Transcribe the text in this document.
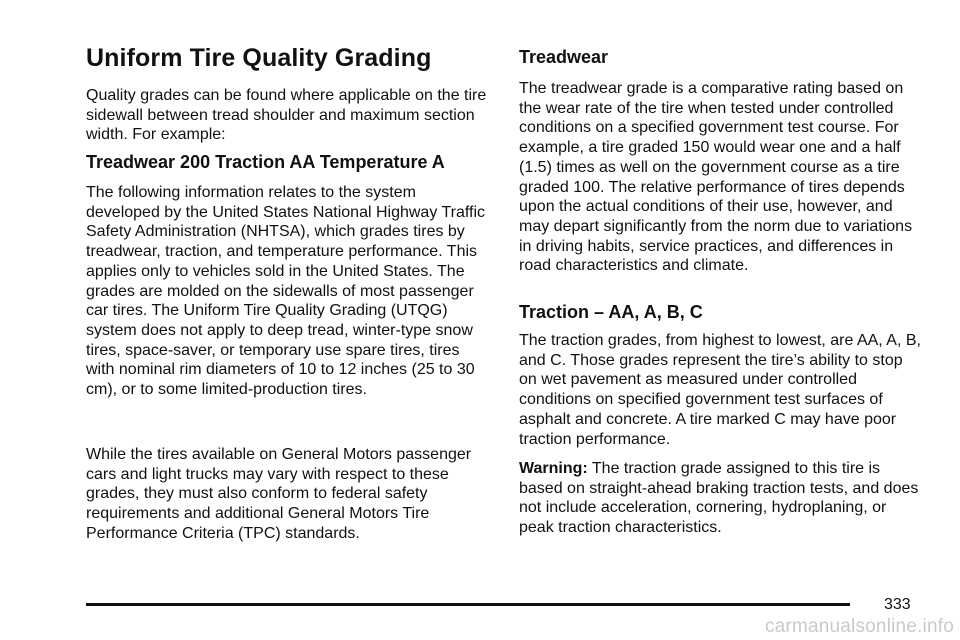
Uniform Tire Quality Grading

Quality grades can be found where applicable on the tire sidewall between tread shoulder and maximum section width. For example:

Treadwear 200 Traction AA Temperature A

The following information relates to the system developed by the United States National Highway Traffic Safety Administration (NHTSA), which grades tires by treadwear, traction, and temperature performance. This applies only to vehicles sold in the United States. The grades are molded on the sidewalls of most passenger car tires. The Uniform Tire Quality Grading (UTQG) system does not apply to deep tread, winter-type snow tires, space-saver, or temporary use spare tires, tires with nominal rim diameters of 10 to 12 inches (25 to 30 cm), or to some limited-production tires.

While the tires available on General Motors passenger cars and light trucks may vary with respect to these grades, they must also conform to federal safety requirements and additional General Motors Tire Performance Criteria (TPC) standards.

Treadwear

The treadwear grade is a comparative rating based on the wear rate of the tire when tested under controlled conditions on a specified government test course. For example, a tire graded 150 would wear one and a half (1.5) times as well on the government course as a tire graded 100. The relative performance of tires depends upon the actual conditions of their use, however, and may depart significantly from the norm due to variations in driving habits, service practices, and differences in road characteristics and climate.

Traction – AA, A, B, C

The traction grades, from highest to lowest, are AA, A, B, and C. Those grades represent the tire’s ability to stop on wet pavement as measured under controlled conditions on specified government test surfaces of asphalt and concrete. A tire marked C may have poor traction performance.

Warning: The traction grade assigned to this tire is based on straight-ahead braking traction tests, and does not include acceleration, cornering, hydroplaning, or peak traction characteristics.

333
carmanualsonline.info
